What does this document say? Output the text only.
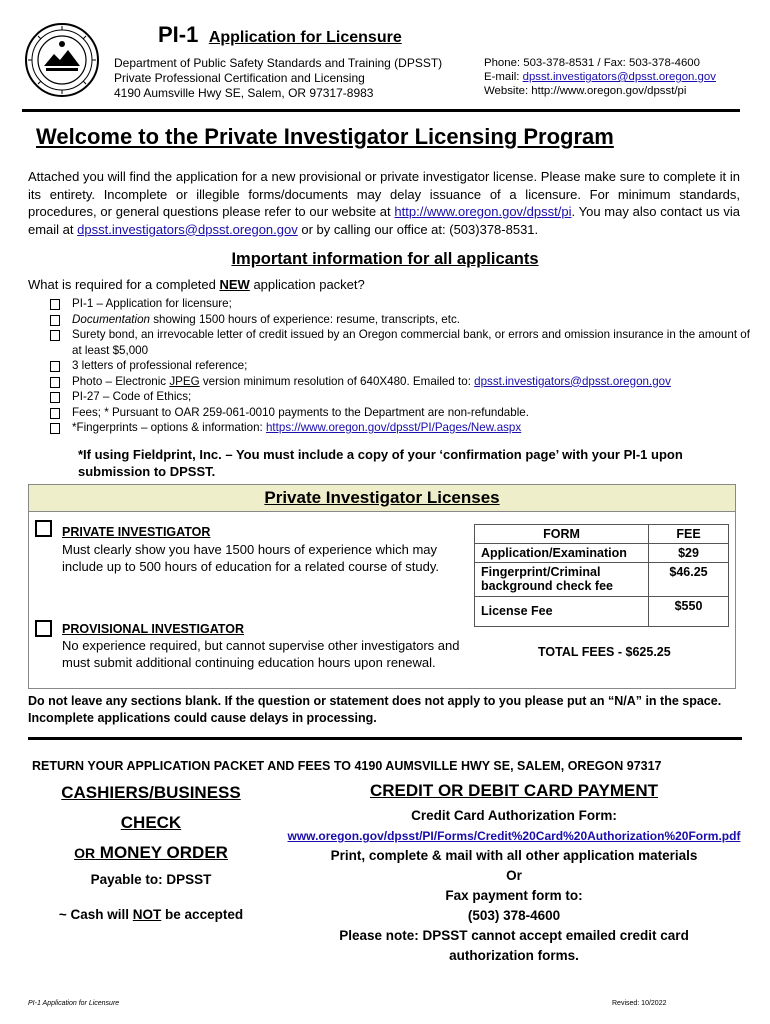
PI-1 Application for Licensure
Department of Public Safety Standards and Training (DPSST)
Private Professional Certification and Licensing
4190 Aumsville Hwy SE, Salem, OR 97317-8983
Phone: 503-378-8531 / Fax: 503-378-4600
E-mail: dpsst.investigators@dpsst.oregon.gov
Website: http://www.oregon.gov/dpsst/pi
Welcome to the Private Investigator Licensing Program
Attached you will find the application for a new provisional or private investigator license. Please make sure to complete it in its entirety. Incomplete or illegible forms/documents may delay issuance of a licensure. For minimum standards, procedures, or general questions please refer to our website at http://www.oregon.gov/dpsst/pi. You may also contact us via email at dpsst.investigators@dpsst.oregon.gov or by calling our office at: (503)378-8531.
Important information for all applicants
What is required for a completed NEW application packet?
PI-1 – Application for licensure;
Documentation showing 1500 hours of experience: resume, transcripts, etc.
Surety bond, an irrevocable letter of credit issued by an Oregon commercial bank, or errors and omission insurance in the amount of at least $5,000
3 letters of professional reference;
Photo – Electronic JPEG version minimum resolution of 640X480. Emailed to: dpsst.investigators@dpsst.oregon.gov
PI-27 – Code of Ethics;
Fees; * Pursuant to OAR 259-061-0010 payments to the Department are non-refundable.
*Fingerprints – options & information: https://www.oregon.gov/dpsst/PI/Pages/New.aspx
*If using Fieldprint, Inc. – You must include a copy of your ‘confirmation page’ with your PI-1 upon submission to DPSST.
Private Investigator Licenses
PRIVATE INVESTIGATOR
Must clearly show you have 1500 hours of experience which may include up to 500 hours of education for a related course of study.
PROVISIONAL INVESTIGATOR
No experience required, but cannot supervise other investigators and must submit additional continuing education hours upon renewal.
FORM	FEE
Application/Examination	$29
Fingerprint/Criminal background check fee	$46.25
License Fee	$550
TOTAL FEES - $625.25
Do not leave any sections blank. If the question or statement does not apply to you please put an “N/A” in the space. Incomplete applications could cause delays in processing.
RETURN YOUR APPLICATION PACKET AND FEES TO 4190 AUMSVILLE HWY SE, SALEM, OREGON 97317
CASHIERS/BUSINESS
CHECK
OR MONEY ORDER
Payable to: DPSST
~ Cash will NOT be accepted
CREDIT OR DEBIT CARD PAYMENT
Credit Card Authorization Form:
www.oregon.gov/dpsst/PI/Forms/Credit%20Card%20Authorization%20Form.pdf
Print, complete & mail with all other application materials
Or
Fax payment form to:
(503) 378-4600
Please note: DPSST cannot accept emailed credit card
authorization forms.
PI-1 Application for Licensure	Revised: 10/2022
